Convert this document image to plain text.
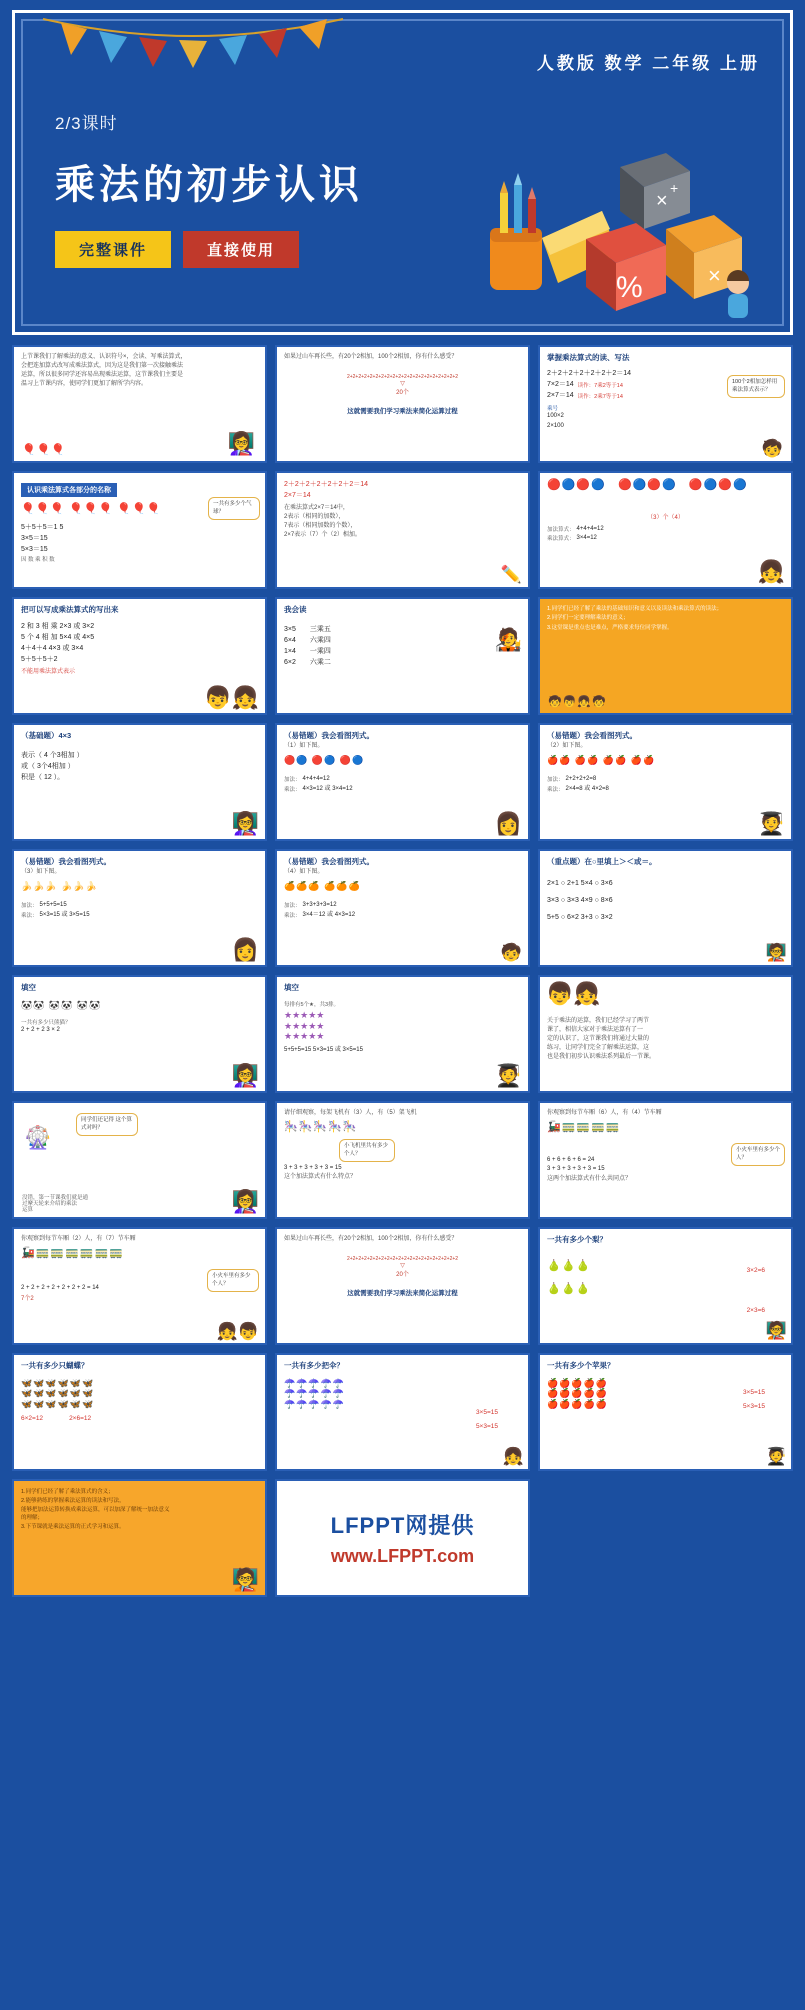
人教版 数学 二年级 上册
2/3课时
乘法的初步认识
完整课件	直接使用
×
+
%	×
上节课我们了解乘法的意义、认识符号×，会读、写乘法算式，
会把连加算式改写成乘法算式，因为这是我们第一次接触乘法
运算，所以很多同学还容易出现乘法运算，这节课我们主要是
温习上节课内容，使同学们更加了解所学内容。
🎈🎈🎈	👩‍🏫
如果过山车再长些，有20个2相加，100个2相加，你有什么感受？
2+2+2+2+2+2+2+2+2+2+2+2+2+2+2+2+2+2+2+2
▽
20个
这就需要我们学习乘法来简化运算过程
掌握乘法算式的读、写法
2＋2＋2＋2＋2＋2＋2＝14
7×2＝14 读作：7乘2等于14
2×7＝14 读作：2乘7等于14
乘号
100×2
2×100
100个2相加怎样用乘法算式表示？
🧒
认识乘法算式各部分的名称
🎈🎈🎈 🎈🎈🎈 🎈🎈🎈
5＋5＋5＝1 5
3×5＝15
5×3＝15
因 数 乘 积 数
一共有多少个气球？
2＋2＋2＋2＋2＋2＋2＝14
2×7＝14
在乘法算式2×7＝14中，
2表示（相同的加数），
7表示（相同加数的个数），
2×7表示（7）个（2）相加。
✏️
🔴🔵🔴🔵   🔴🔵🔴🔵   🔴🔵🔴🔵
（3）个（4）
加法算式： 4+4+4=12
乘法算式： 3×4=12
👧
把可以写成乘法算式的写出来
2 和 3 相 乘 2×3 或 3×2
5 个 4 相 加 5×4 或 4×5
4＋4＋4 4×3 或 3×4
5＋5＋5＋2
不能用乘法算式表示
👦👧
我会读
3×5 三乘五
6×4 六乘四
1×4 一乘四
6×2 六乘二
🧑‍🎤
1.同学们已经了解了乘法的基础知识和意义以及读法和乘法算式的读法；
2.同学们一定要理解乘法的意义；
3.这堂课是重点也是难点，严格要求每位同学掌握。
🧒👦👧🧒
（基础题）4×3
表示（ 4 个3相加 ）
或（ 3个4相加 ）
积是（ 12 ）。
👩‍🏫
（易错题）我会看图列式。
（1）如下图。
🔴🔵 🔴🔵 🔴🔵
加法： 4+4+4=12
乘法： 4×3=12 或 3×4=12
👩
（易错题）我会看图列式。
（2）如下图。
🍎🍎 🍎🍎 🍎🍎 🍎🍎
加法： 2+2+2+2=8
乘法： 2×4=8 或 4×2=8
🧑‍🎓
（易错题）我会看图列式。
（3）如下图。
🍌🍌🍌 🍌🍌🍌
加法： 5+5+5=15
乘法： 5×3=15 或 3×5=15
👩
（易错题）我会看图列式。
（4）如下图。
🍊🍊🍊 🍊🍊🍊
加法： 3+3+3+3=12
乘法： 3×4＝12 或 4×3=12
🧒
（重点题）在○里填上＞＜或＝。
2×1 ○ 2+1 5×4 ○ 3×6
3×3 ○ 3×3 4×9 ○ 8×6
5+5 ○ 6×2 3+3 ○ 3×2
🧑‍🏫
填空
🐼🐼 🐼🐼 🐼🐼
一共有多少只熊猫？
2 + 2 + 2 3 × 2
👩‍🏫
填空
每排有5个★，共3排。
★★★★★
★★★★★
★★★★★
5+5+5=15 5×3=15 或 3×5=15
🧑‍🎓
👦👧
关于乘法的运算，我们已经学习了两节
课了，相信大家对于乘法运算有了一
定的认识了，这节课我们将通过大量的
练习，让同学们完全了解乘法运算，这
也是我们初步认识乘法系列最后一节课。
🎡
同学们还记得 这个算式对吗？
没错，第一节课我们就是通
过摩天轮来介绍的乘法
运算	👩‍🏫
请仔细观察，每架飞机有（3）人，有（5）架飞机
🎠🎠🎠🎠🎠
小飞机里共有多少个人？
3 + 3 + 3 + 3 + 3 = 15
这个加法算式有什么特点？
你观察到每节车厢（6）人，有（4）节车厢
🚂🚃🚃🚃🚃
小火车里有多少个人？
6 + 6 + 6 + 6 = 24
3 + 3 + 3 + 3 + 3 = 15
这两个加法算式有什么共同点？
你观察到每节车厢（2）人，有（7）节车厢
🚂🚃🚃🚃🚃🚃🚃
小火车里有多少个人？
2 + 2 + 2 + 2 + 2 + 2 + 2 = 14
7个2
👧👦
如果过山车再长些，有20个2相加，100个2相加，你有什么感受？
2+2+2+2+2+2+2+2+2+2+2+2+2+2+2+2+2+2+2+2
▽
20个
这就需要我们学习乘法来简化运算过程
一共有多少个梨？
🍐🍐🍐
🍐🍐🍐
3×2=6
2×3=6
🧑‍🏫
一共有多少只蝴蝶？
🦋🦋🦋🦋🦋🦋
🦋🦋🦋🦋🦋🦋
🦋🦋🦋🦋🦋🦋
6×2=12	2×6=12
一共有多少把伞？
☂️☂️☂️☂️☂️
☂️☂️☂️☂️☂️
☂️☂️☂️☂️☂️
3×5=15
5×3=15
👧
一共有多少个苹果？
🍎🍎🍎🍎🍎
🍎🍎🍎🍎🍎
🍎🍎🍎🍎🍎
3×5=15
5×3=15
🧑‍🎓
1.同学们已经了解了乘法算式的含义；
2.能够熟练的掌握乘法运算的读法和写法，
能够把加法运算转换成乘法运算，可以加深了解统一加法意义
的理解；
3.下节课就是乘法运算的正式学习和运算。
🧑‍🏫
LFPPT网提供
www.LFPPT.com
